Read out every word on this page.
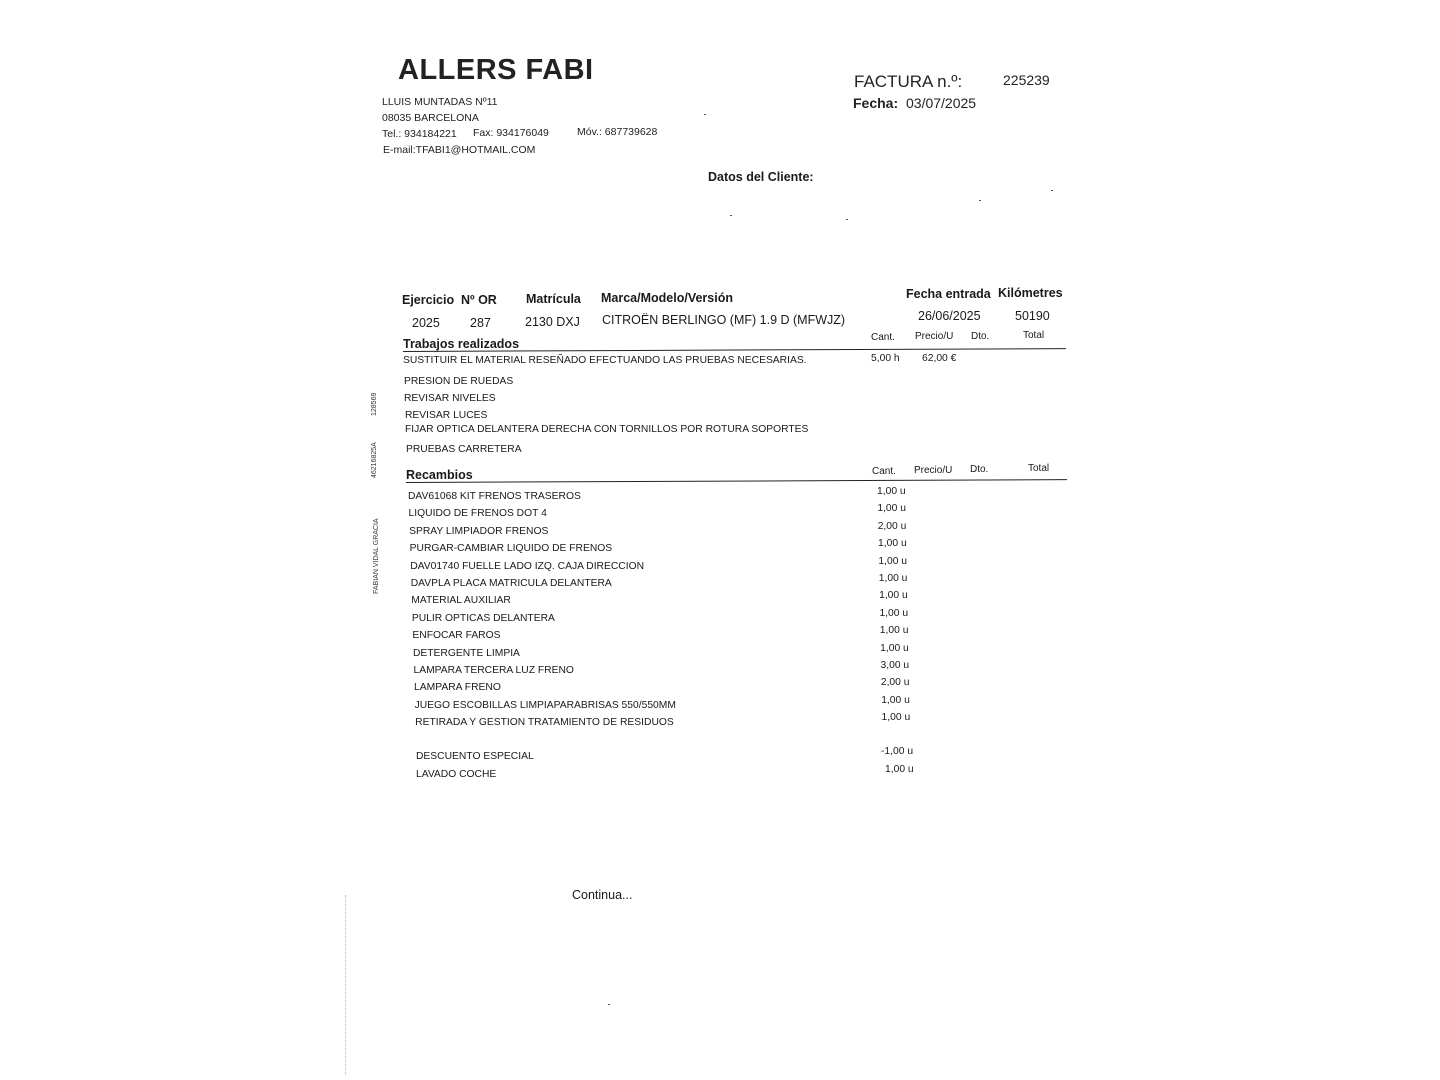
ALLERS FABI
LLUIS MUNTADAS Nº11
08035 BARCELONA
Tel.: 934184221 Fax: 934176049	Móv.: 687739628
E-mail:TFABI1@HOTMAIL.COM
FACTURA n.º:	225239
Fecha: 03/07/2025
Datos del Cliente:
Ejercicio Nº OR Matrícula Marca/Modelo/Versión	Fecha entrada Kilómetres
2025 287	2130 DXJ CITROËN BERLINGO (MF) 1.9 D (MFWJZ)	26/06/2025	50190
Trabajos realizados	Cant. Precio/U Dto.	Total
SUSTITUIR EL MATERIAL RESEÑADO EFECTUANDO LAS PRUEBAS NECESARIAS.	5,00 h 62,00 €
PRESION DE RUEDAS
REVISAR NIVELES
REVISAR LUCES
FIJAR OPTICA DELANTERA DERECHA CON TORNILLOS POR ROTURA SOPORTES
PRUEBAS CARRETERA
Recambios	Cant. Precio/U Dto.	Total
DAV61068 KIT FRENOS TRASEROS	1,00 u
LIQUIDO DE FRENOS DOT 4	1,00 u
SPRAY LIMPIADOR FRENOS	2,00 u
PURGAR-CAMBIAR LIQUIDO DE FRENOS	1,00 u
DAV01740 FUELLE LADO IZQ. CAJA DIRECCION	1,00 u
DAVPLA PLACA MATRICULA DELANTERA	1,00 u
MATERIAL AUXILIAR	1,00 u
PULIR OPTICAS DELANTERA	1,00 u
ENFOCAR FAROS	1,00 u
DETERGENTE LIMPIA	1,00 u
LAMPARA TERCERA LUZ FRENO	3,00 u
LAMPARA FRENO	2,00 u
JUEGO ESCOBILLAS LIMPIAPARABRISAS 550/550MM	1,00 u
RETIRADA Y GESTION TRATAMIENTO DE RESIDUOS	1,00 u
DESCUENTO ESPECIAL	-1,00 u
LAVADO COCHE	1,00 u
128569
46216825A
FABIAN VIDAL GRACIA
Continua...
